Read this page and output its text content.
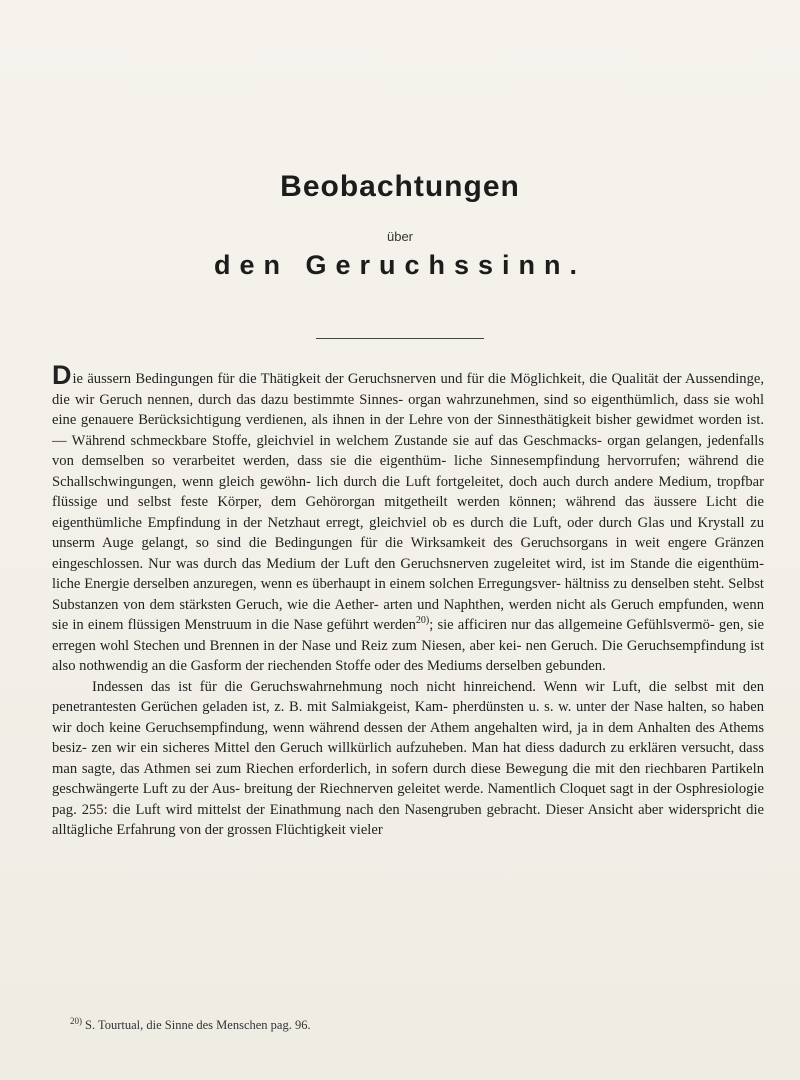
Beobachtungen
über
den Geruchssinn.

Die äussern Bedingungen für die Thätigkeit der Geruchsnerven und für die Möglichkeit, die Qualität der Aussendinge, die wir Geruch nennen, durch das dazu bestimmte Sinnes- organ wahrzunehmen, sind so eigenthümlich, dass sie wohl eine genauere Berücksichtigung verdienen, als ihnen in der Lehre von der Sinnesthätigkeit bisher gewidmet worden ist. — Während schmeckbare Stoffe, gleichviel in welchem Zustande sie auf das Geschmacks- organ gelangen, jedenfalls von demselben so verarbeitet werden, dass sie die eigenthüm- liche Sinnesempfindung hervorrufen; während die Schallschwingungen, wenn gleich gewöhn- lich durch die Luft fortgeleitet, doch auch durch andere Medium, tropfbar flüssige und selbst feste Körper, dem Gehörorgan mitgetheilt werden können; während das äussere Licht die eigenthümliche Empfindung in der Netzhaut erregt, gleichviel ob es durch die Luft, oder durch Glas und Krystall zu unserm Auge gelangt, so sind die Bedingungen für die Wirksamkeit des Geruchsorgans in weit engere Gränzen eingeschlossen. Nur was durch das Medium der Luft den Geruchsnerven zugeleitet wird, ist im Stande die eigenthüm- liche Energie derselben anzuregen, wenn es überhaupt in einem solchen Erregungsver- hältniss zu denselben steht. Selbst Substanzen von dem stärksten Geruch, wie die Aether- arten und Naphthen, werden nicht als Geruch empfunden, wenn sie in einem flüssigen Menstruum in die Nase geführt werden$^{20)}$; sie afficiren nur das allgemeine Gefühlsvermö- gen, sie erregen wohl Stechen und Brennen in der Nase und Reiz zum Niesen, aber kei- nen Geruch. Die Geruchsempfindung ist also nothwendig an die Gasform der riechenden Stoffe oder des Mediums derselben gebunden.

Indessen das ist für die Geruchswahrnehmung noch nicht hinreichend. Wenn wir Luft, die selbst mit den penetrantesten Gerüchen geladen ist, z. B. mit Salmiakgeist, Kam- pherdünsten u. s. w. unter der Nase halten, so haben wir doch keine Geruchsempfindung, wenn während dessen der Athem angehalten wird, ja in dem Anhalten des Athems besiz- zen wir ein sicheres Mittel den Geruch willkürlich aufzuheben. Man hat diess dadurch zu erklären versucht, dass man sagte, das Athmen sei zum Riechen erforderlich, in sofern durch diese Bewegung die mit den riechbaren Partikeln geschwängerte Luft zu der Aus- breitung der Riechnerven geleitet werde. Namentlich Cloquet sagt in der Osphresiologie pag. 255: die Luft wird mittelst der Einathmung nach den Nasengruben gebracht. Dieser Ansicht aber widerspricht die alltägliche Erfahrung von der grossen Flüchtigkeit vieler

$^{20)}$ S. Tourtual, die Sinne des Menschen pag. 96.
